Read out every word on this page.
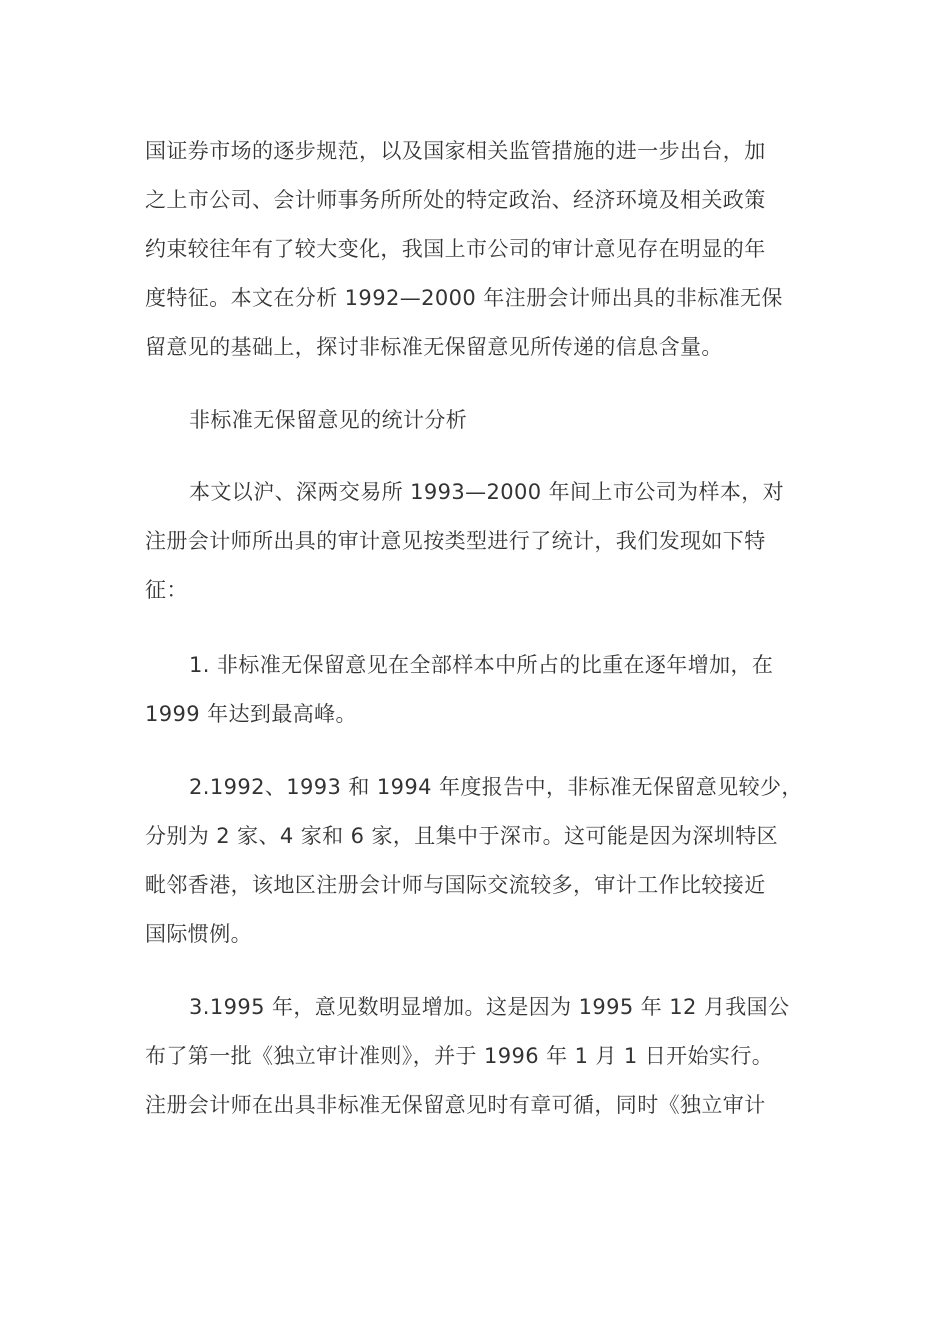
国证券市场的逐步规范，以及国家相关监管措施的进一步出台，加
之上市公司、会计师事务所所处的特定政治、经济环境及相关政策
约束较往年有了较大变化，我国上市公司的审计意见存在明显的年
度特征。本文在分析 1992—2000 年注册会计师出具的非标准无保
留意见的基础上，探讨非标准无保留意见所传递的信息含量。

非标准无保留意见的统计分析

本文以沪、深两交易所 1993—2000 年间上市公司为样本，对
注册会计师所出具的审计意见按类型进行了统计，我们发现如下特
征：

1. 非标准无保留意见在全部样本中所占的比重在逐年增加，在
1999 年达到最高峰。

2.1992、1993 和 1994 年度报告中，非标准无保留意见较少，
分别为 2 家、4 家和 6 家，且集中于深市。这可能是因为深圳特区
毗邻香港，该地区注册会计师与国际交流较多，审计工作比较接近
国际惯例。

3.1995 年，意见数明显增加。这是因为 1995 年 12 月我国公
布了第一批《独立审计准则》，并于 1996 年 1 月 1 日开始实行。
注册会计师在出具非标准无保留意见时有章可循，同时《独立审计
